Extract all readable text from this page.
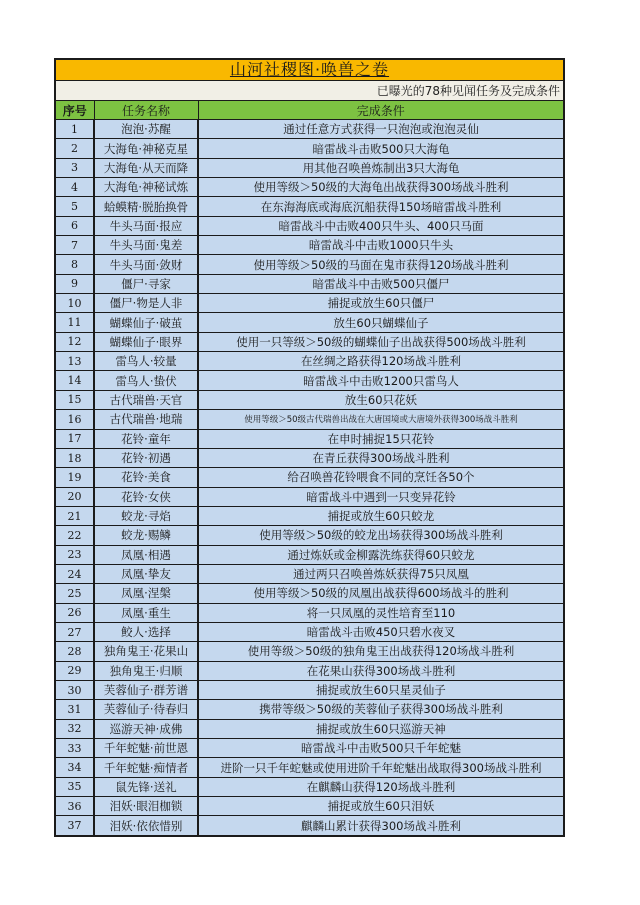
山河社稷图·唤兽之卷
已曝光的78种见闻任务及完成条件
序号	任务名称	完成条件
1	泡泡·苏醒	通过任意方式获得一只泡泡或泡泡灵仙
2	大海龟·神秘克星	暗雷战斗击败500只大海龟
3	大海龟·从天而降	用其他召唤兽炼制出3只大海龟
4	大海龟·神秘试炼	使用等级＞50级的大海龟出战获得300场战斗胜利
5	蛤蟆精·脱胎换骨	在东海海底或海底沉船获得150场暗雷战斗胜利
6	牛头马面·报应	暗雷战斗中击败400只牛头、400只马面
7	牛头马面·鬼差	暗雷战斗中击败1000只牛头
8	牛头马面·敛财	使用等级＞50级的马面在鬼市获得120场战斗胜利
9	僵尸·寻家	暗雷战斗中击败500只僵尸
10	僵尸·物是人非	捕捉或放生60只僵尸
11	蝴蝶仙子·破茧	放生60只蝴蝶仙子
12	蝴蝶仙子·眼界	使用一只等级＞50级的蝴蝶仙子出战获得500场战斗胜利
13	雷鸟人·较量	在丝绸之路获得120场战斗胜利
14	雷鸟人·蛰伏	暗雷战斗中击败1200只雷鸟人
15	古代瑞兽·天官	放生60只花妖
16	古代瑞兽·地瑞	使用等级＞50级古代瑞兽出战在大唐国境或大唐境外获得300场战斗胜利
17	花铃·童年	在申时捕捉15只花铃
18	花铃·初遇	在青丘获得300场战斗胜利
19	花铃·美食	给召唤兽花铃喂食不同的烹饪各50个
20	花铃·女侠	暗雷战斗中遇到一只变异花铃
21	蛟龙·寻焰	捕捉或放生60只蛟龙
22	蛟龙·赐鳞	使用等级＞50级的蛟龙出场获得300场战斗胜利
23	凤凰·相遇	通过炼妖或金柳露洗练获得60只蛟龙
24	凤凰·挚友	通过两只召唤兽炼妖获得75只凤凰
25	凤凰·涅槃	使用等级＞50级的凤凰出战获得600场战斗的胜利
26	凤凰·重生	将一只凤凰的灵性培育至110
27	鲛人·选择	暗雷战斗击败450只碧水夜叉
28	独角鬼王·花果山	使用等级＞50级的独角鬼王出战获得120场战斗胜利
29	独角鬼王·归顺	在花果山获得300场战斗胜利
30	芙蓉仙子·群芳谱	捕捉或放生60只星灵仙子
31	芙蓉仙子·待春归	携带等级＞50级的芙蓉仙子获得300场战斗胜利
32	巡游天神·成佛	捕捉或放生60只巡游天神
33	千年蛇魅·前世恩	暗雷战斗中击败500只千年蛇魅
34	千年蛇魅·痴情者	进阶一只千年蛇魅或使用进阶千年蛇魅出战取得300场战斗胜利
35	鼠先锋·送礼	在麒麟山获得120场战斗胜利
36	泪妖·眼泪枷锁	捕捉或放生60只泪妖
37	泪妖·依依惜别	麒麟山累计获得300场战斗胜利
